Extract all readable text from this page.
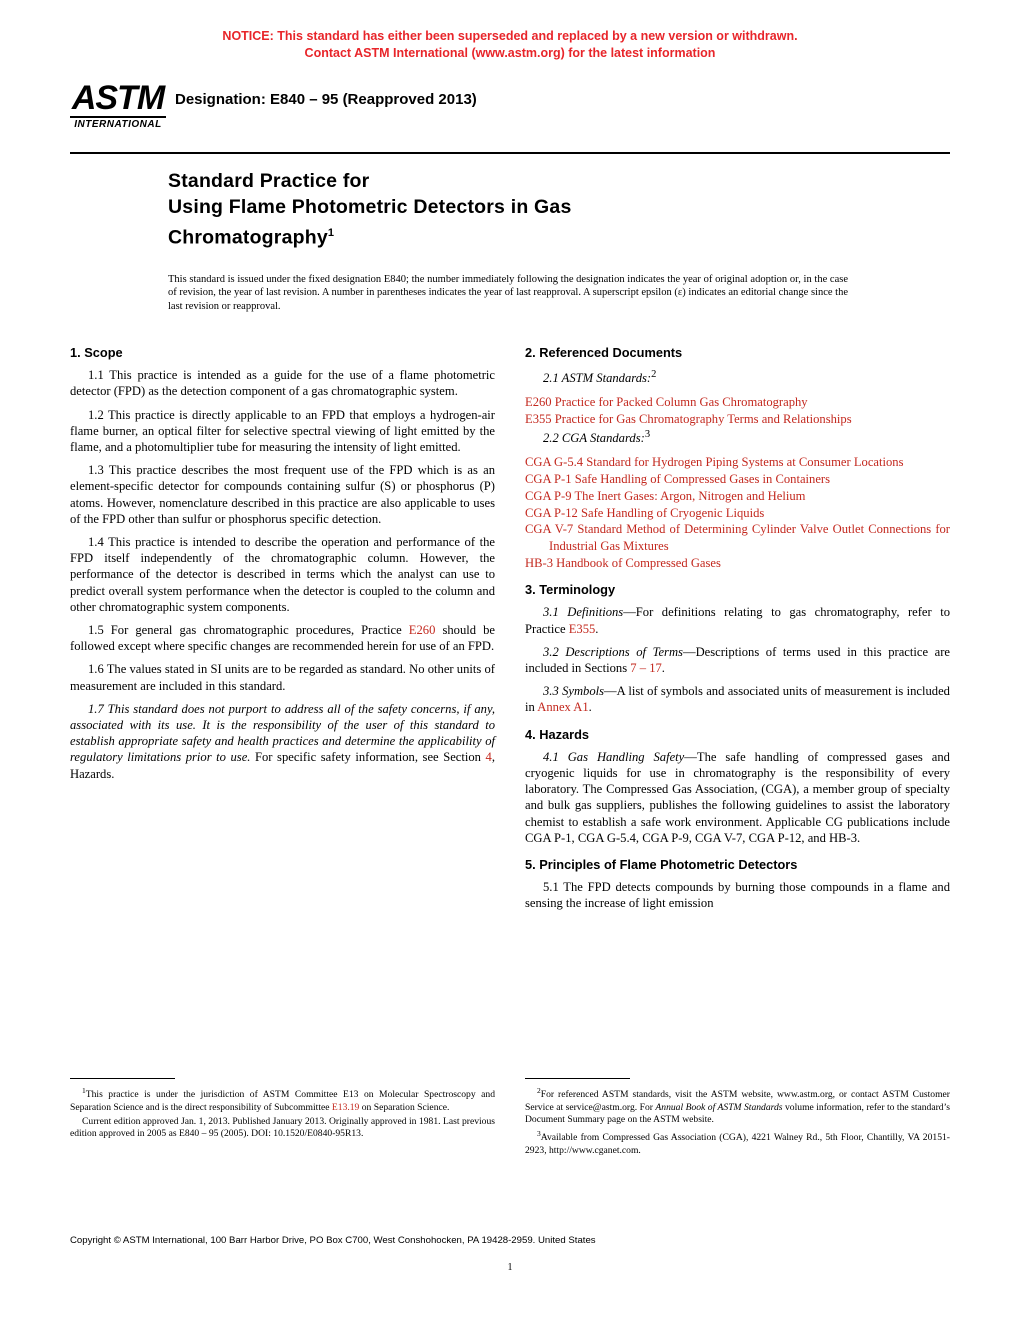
NOTICE: This standard has either been superseded and replaced by a new version or withdrawn.
Contact ASTM International (www.astm.org) for the latest information
ASTM
INTERNATIONAL
Designation: E840 – 95 (Reapproved 2013)
Standard Practice for
Using Flame Photometric Detectors in Gas
Chromatography$^1$
This standard is issued under the fixed designation E840; the number immediately following the designation indicates the year of original adoption or, in the case of revision, the year of last revision. A number in parentheses indicates the year of last reapproval. A superscript epsilon (ε) indicates an editorial change since the last revision or reapproval.
1. Scope

1.1 This practice is intended as a guide for the use of a flame photometric detector (FPD) as the detection component of a gas chromatographic system.

1.2 This practice is directly applicable to an FPD that employs a hydrogen-air flame burner, an optical filter for selective spectral viewing of light emitted by the flame, and a photomultiplier tube for measuring the intensity of light emitted.

1.3 This practice describes the most frequent use of the FPD which is as an element-specific detector for compounds containing sulfur (S) or phosphorus (P) atoms. However, nomenclature described in this practice are also applicable to uses of the FPD other than sulfur or phosphorus specific detection.

1.4 This practice is intended to describe the operation and performance of the FPD itself independently of the chromatographic column. However, the performance of the detector is described in terms which the analyst can use to predict overall system performance when the detector is coupled to the column and other chromatographic system components.

1.5 For general gas chromatographic procedures, Practice E260 should be followed except where specific changes are recommended herein for use of an FPD.

1.6 The values stated in SI units are to be regarded as standard. No other units of measurement are included in this standard.

1.7 This standard does not purport to address all of the safety concerns, if any, associated with its use. It is the responsibility of the user of this standard to establish appropriate safety and health practices and determine the applicability of regulatory limitations prior to use. For specific safety information, see Section 4, Hazards.

2. Referenced Documents

2.1 ASTM Standards:$^2$

E260 Practice for Packed Column Gas Chromatography

E355 Practice for Gas Chromatography Terms and Relationships

2.2 CGA Standards:$^3$

CGA G-5.4 Standard for Hydrogen Piping Systems at Consumer Locations

CGA P-1 Safe Handling of Compressed Gases in Containers

CGA P-9 The Inert Gases: Argon, Nitrogen and Helium

CGA P-12 Safe Handling of Cryogenic Liquids

CGA V-7 Standard Method of Determining Cylinder Valve Outlet Connections for Industrial Gas Mixtures

HB-3 Handbook of Compressed Gases

3. Terminology

3.1 Definitions—For definitions relating to gas chromatography, refer to Practice E355.

3.2 Descriptions of Terms—Descriptions of terms used in this practice are included in Sections 7 – 17.

3.3 Symbols—A list of symbols and associated units of measurement is included in Annex A1.

4. Hazards

4.1 Gas Handling Safety—The safe handling of compressed gases and cryogenic liquids for use in chromatography is the responsibility of every laboratory. The Compressed Gas Association, (CGA), a member group of specialty and bulk gas suppliers, publishes the following guidelines to assist the laboratory chemist to establish a safe work environment. Applicable CG publications include CGA P-1, CGA G-5.4, CGA P-9, CGA V-7, CGA P-12, and HB-3.

5. Principles of Flame Photometric Detectors

5.1 The FPD detects compounds by burning those compounds in a flame and sensing the increase of light emission

$^1$This practice is under the jurisdiction of ASTM Committee E13 on Molecular Spectroscopy and Separation Science and is the direct responsibility of Subcommittee E13.19 on Separation Science.

Current edition approved Jan. 1, 2013. Published January 2013. Originally approved in 1981. Last previous edition approved in 2005 as E840 – 95 (2005). DOI: 10.1520/E0840-95R13.

$^2$For referenced ASTM standards, visit the ASTM website, www.astm.org, or contact ASTM Customer Service at service@astm.org. For Annual Book of ASTM Standards volume information, refer to the standard’s Document Summary page on the ASTM website.

$^3$Available from Compressed Gas Association (CGA), 4221 Walney Rd., 5th Floor, Chantilly, VA 20151-2923, http://www.cganet.com.

Copyright © ASTM International, 100 Barr Harbor Drive, PO Box C700, West Conshohocken, PA 19428-2959. United States
1
